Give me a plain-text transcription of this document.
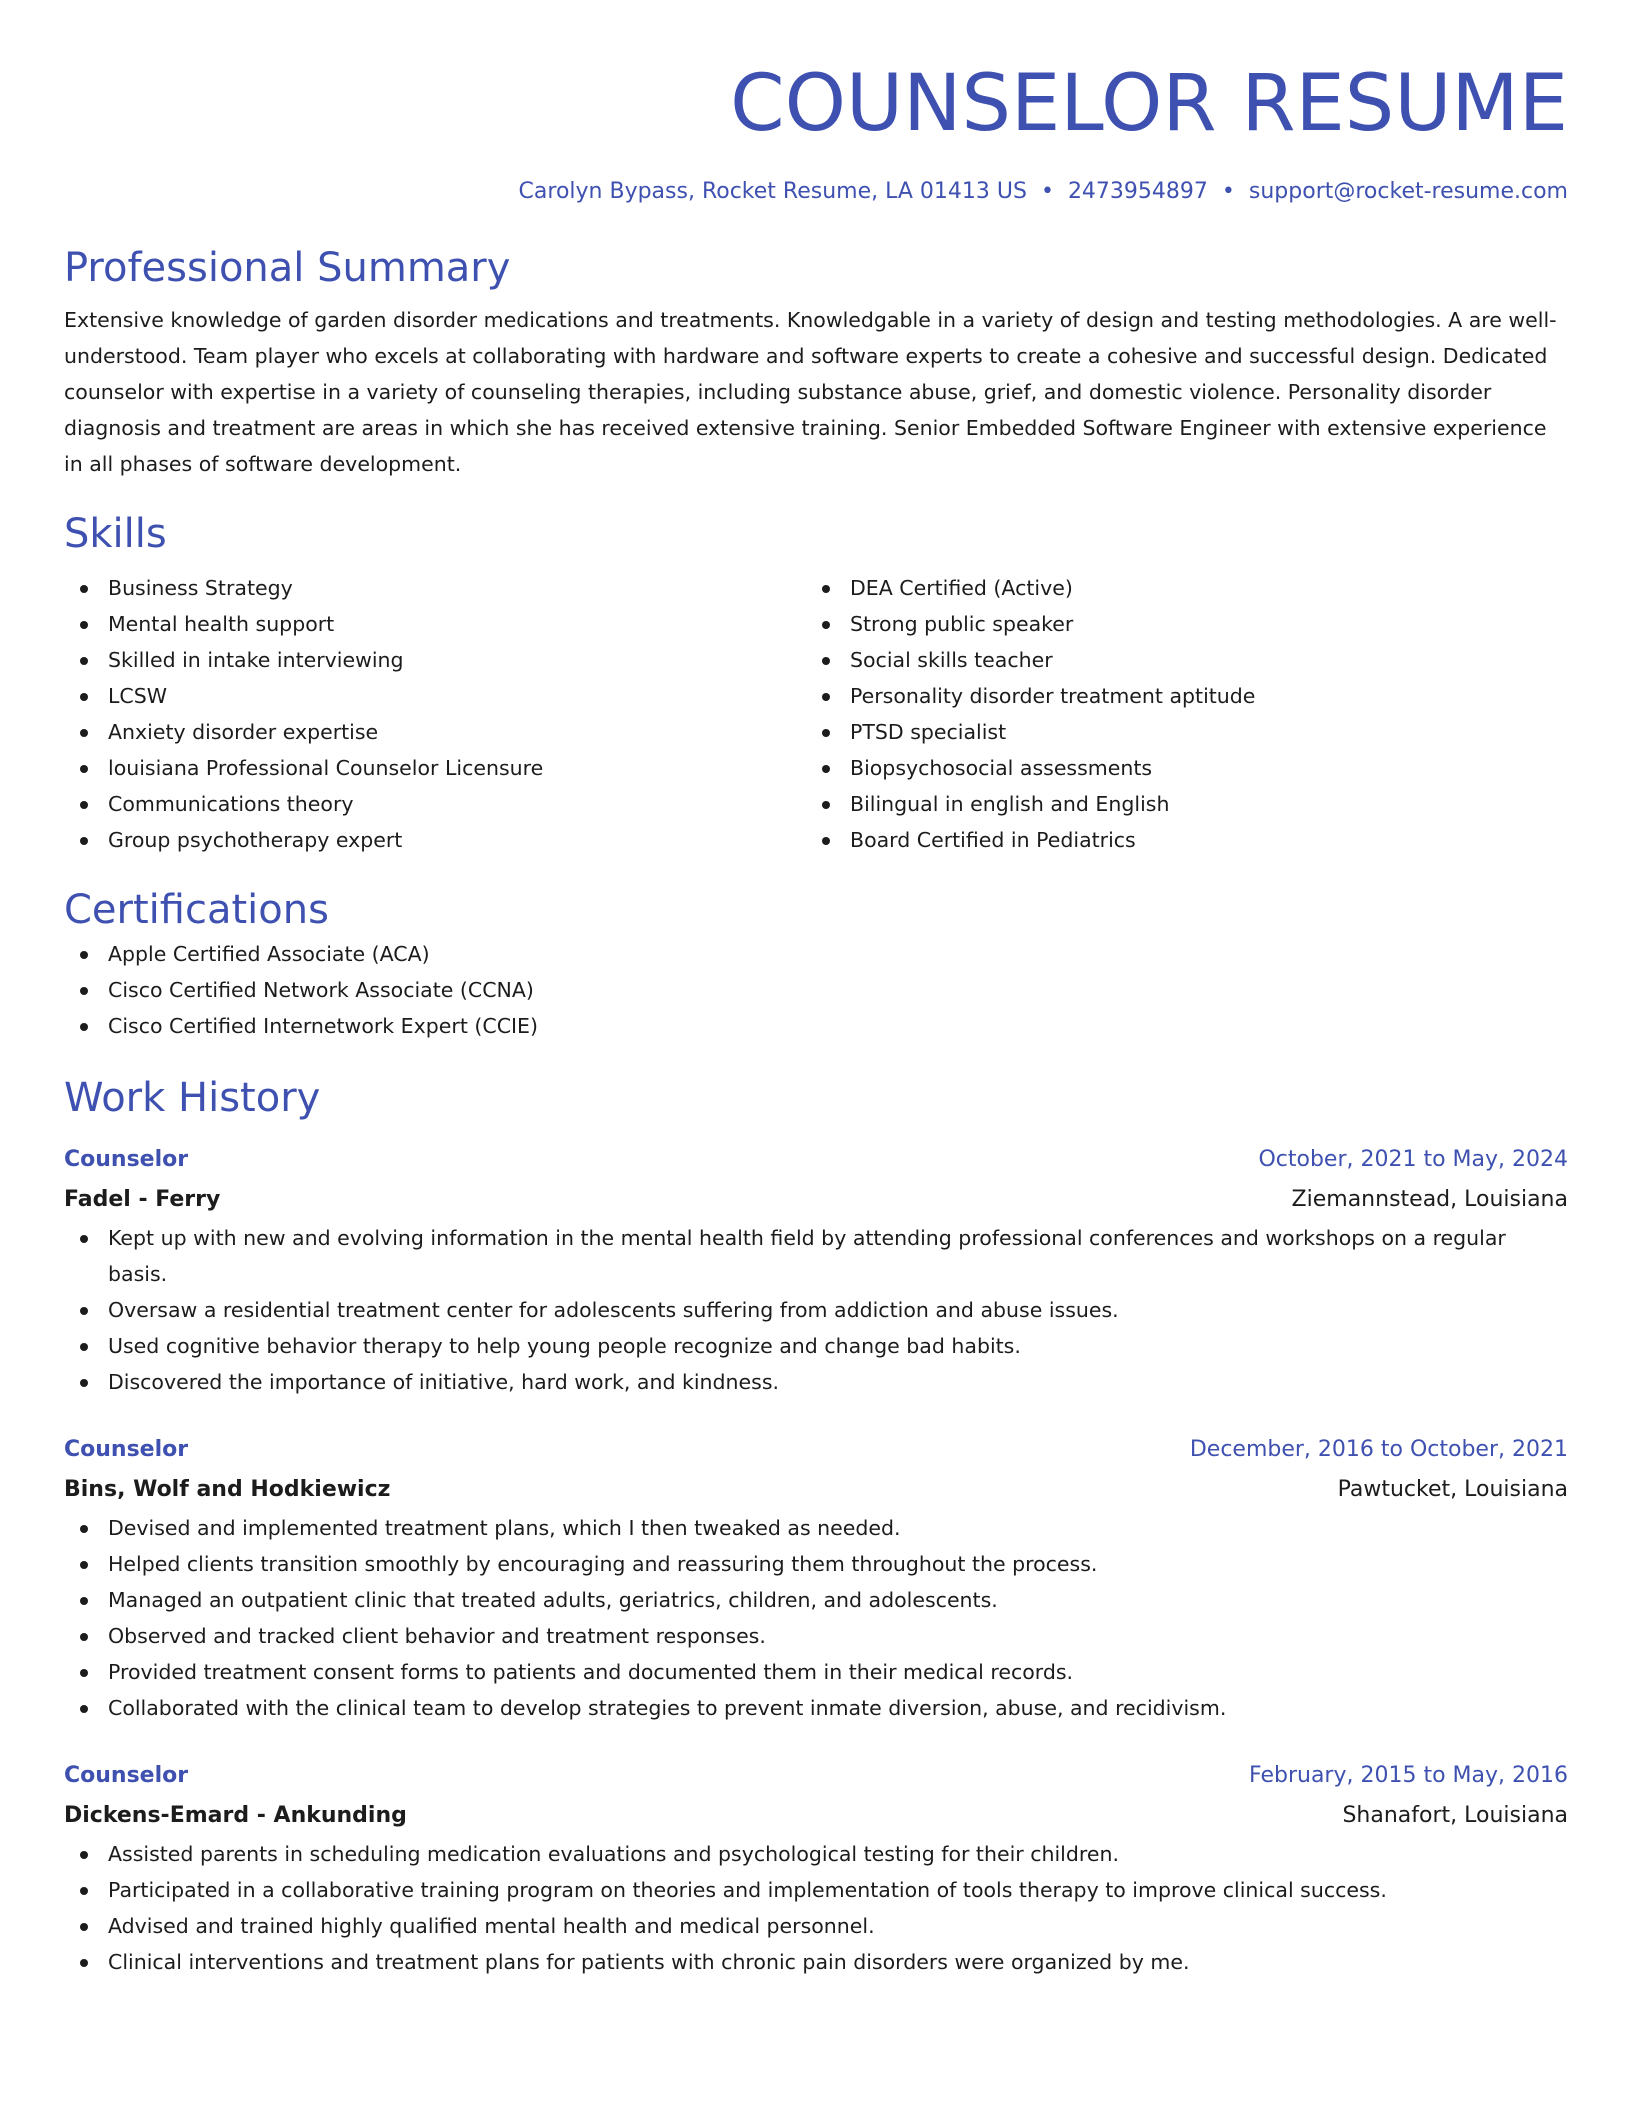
COUNSELOR RESUME
Carolyn Bypass, Rocket Resume, LA 01413 US • 2473954897 • support@rocket-resume.com
Professional Summary
Extensive knowledge of garden disorder medications and treatments. Knowledgable in a variety of design and testing methodologies. A are well-understood. Team player who excels at collaborating with hardware and software experts to create a cohesive and successful design. Dedicated counselor with expertise in a variety of counseling therapies, including substance abuse, grief, and domestic violence. Personality disorder diagnosis and treatment are areas in which she has received extensive training. Senior Embedded Software Engineer with extensive experience in all phases of software development.
Skills
Business Strategy
Mental health support
Skilled in intake interviewing
LCSW
Anxiety disorder expertise
louisiana Professional Counselor Licensure
Communications theory
Group psychotherapy expert
DEA Certified (Active)
Strong public speaker
Social skills teacher
Personality disorder treatment aptitude
PTSD specialist
Biopsychosocial assessments
Bilingual in english and English
Board Certified in Pediatrics
Certifications
Apple Certified Associate (ACA)
Cisco Certified Network Associate (CCNA)
Cisco Certified Internetwork Expert (CCIE)
Work History
Counselor	October, 2021 to May, 2024
Fadel - Ferry	Ziemannstead, Louisiana
Kept up with new and evolving information in the mental health field by attending professional conferences and workshops on a regular basis.
Oversaw a residential treatment center for adolescents suffering from addiction and abuse issues.
Used cognitive behavior therapy to help young people recognize and change bad habits.
Discovered the importance of initiative, hard work, and kindness.
Counselor	December, 2016 to October, 2021
Bins, Wolf and Hodkiewicz	Pawtucket, Louisiana
Devised and implemented treatment plans, which I then tweaked as needed.
Helped clients transition smoothly by encouraging and reassuring them throughout the process.
Managed an outpatient clinic that treated adults, geriatrics, children, and adolescents.
Observed and tracked client behavior and treatment responses.
Provided treatment consent forms to patients and documented them in their medical records.
Collaborated with the clinical team to develop strategies to prevent inmate diversion, abuse, and recidivism.
Counselor	February, 2015 to May, 2016
Dickens-Emard - Ankunding	Shanafort, Louisiana
Assisted parents in scheduling medication evaluations and psychological testing for their children.
Participated in a collaborative training program on theories and implementation of tools therapy to improve clinical success.
Advised and trained highly qualified mental health and medical personnel.
Clinical interventions and treatment plans for patients with chronic pain disorders were organized by me.
